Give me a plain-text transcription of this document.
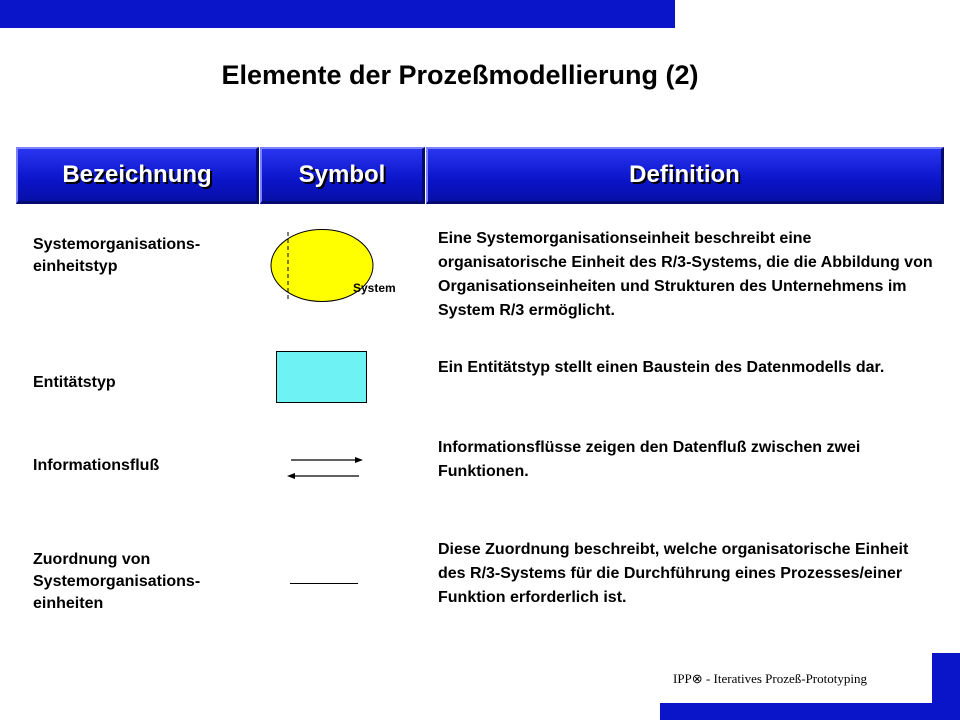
Elemente der Prozeßmodellierung (2)
Bezeichnung	Symbol	Definition
Systemorganisations-
einheitstyp
System
Eine Systemorganisationseinheit beschreibt eine organisatorische Einheit des R/3-Systems, die die Abbildung von Organisationseinheiten und Strukturen des Unternehmens im System R/3 ermöglicht.
Entitätstyp
Ein Entitätstyp stellt einen Baustein des Datenmodells dar.
Informationsfluß
Informationsflüsse zeigen den Datenfluß zwischen zwei Funktionen.
Zuordnung von
Systemorganisations-
einheiten
Diese Zuordnung beschreibt, welche organisatorische Einheit des R/3-Systems für die Durchführung eines Prozesses/einer Funktion erforderlich ist.
IPP⊗ - Iteratives Prozeß-Prototyping
